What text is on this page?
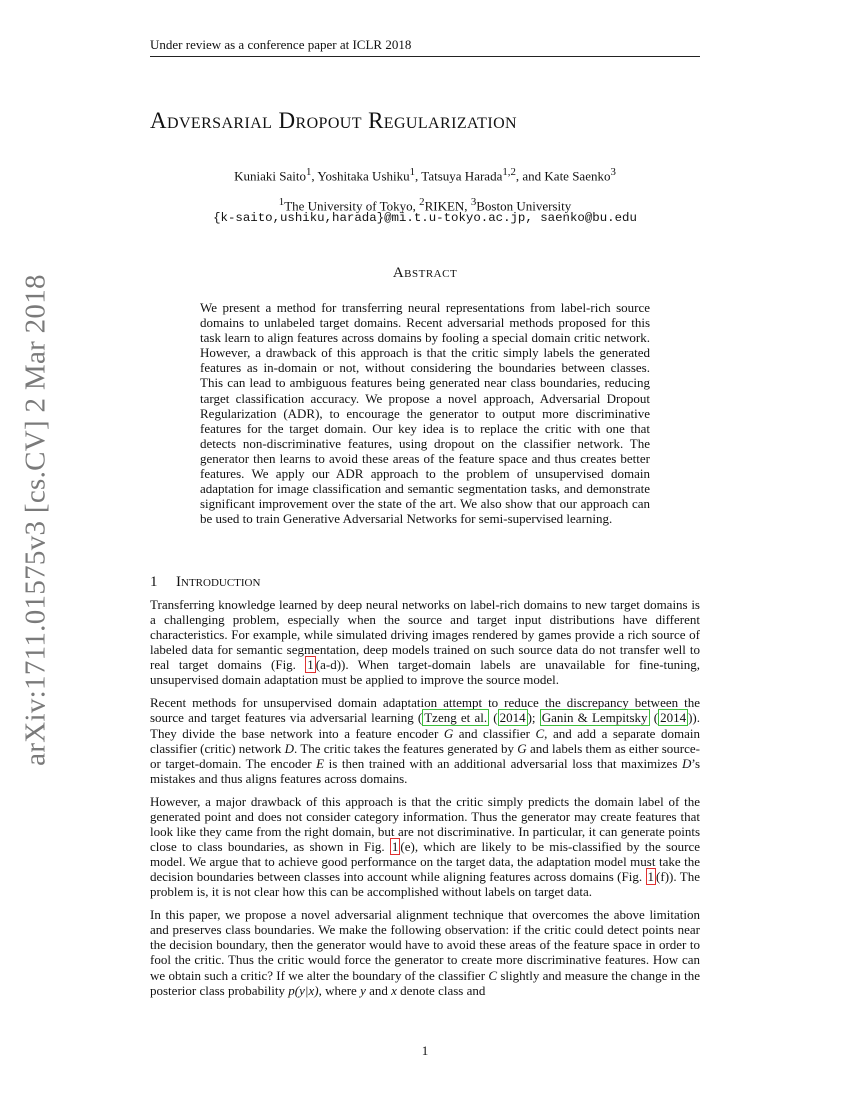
Under review as a conference paper at ICLR 2018
arXiv:1711.01575v3 [cs.CV] 2 Mar 2018
Adversarial Dropout Regularization
Kuniaki Saito$^1$, Yoshitaka Ushiku$^1$, Tatsuya Harada$^{1,2}$, and Kate Saenko$^3$
$^1$The University of Tokyo, $^2$RIKEN, $^3$Boston University
{k-saito,ushiku,harada}@mi.t.u-tokyo.ac.jp, saenko@bu.edu
Abstract
We present a method for transferring neural representations from label-rich source domains to unlabeled target domains. Recent adversarial methods proposed for this task learn to align features across domains by fooling a special domain critic network. However, a drawback of this approach is that the critic simply labels the generated features as in-domain or not, without considering the boundaries between classes. This can lead to ambiguous features being generated near class boundaries, reducing target classification accuracy. We propose a novel approach, Adversarial Dropout Regularization (ADR), to encourage the generator to output more discriminative features for the target domain. Our key idea is to replace the critic with one that detects non-discriminative features, using dropout on the classifier network. The generator then learns to avoid these areas of the feature space and thus creates better features. We apply our ADR approach to the problem of unsupervised domain adaptation for image classification and semantic segmentation tasks, and demonstrate significant improvement over the state of the art. We also show that our approach can be used to train Generative Adversarial Networks for semi-supervised learning.
1 Introduction

Transferring knowledge learned by deep neural networks on label-rich domains to new target domains is a challenging problem, especially when the source and target input distributions have different characteristics. For example, while simulated driving images rendered by games provide a rich source of labeled data for semantic segmentation, deep models trained on such source data do not transfer well to real target domains (Fig. 1 (a-d)). When target-domain labels are unavailable for fine-tuning, unsupervised domain adaptation must be applied to improve the source model.

Recent methods for unsupervised domain adaptation attempt to reduce the discrepancy between the source and target features via adversarial learning ( Tzeng et al. ( 2014 ); Ganin & Lempitsky ( 2014 )). They divide the base network into a feature encoder G and classifier C, and add a separate domain classifier (critic) network D. The critic takes the features generated by G and labels them as either source- or target-domain. The encoder E is then trained with an additional adversarial loss that maximizes D’s mistakes and thus aligns features across domains.

However, a major drawback of this approach is that the critic simply predicts the domain label of the generated point and does not consider category information. Thus the generator may create features that look like they came from the right domain, but are not discriminative. In particular, it can generate points close to class boundaries, as shown in Fig. 1 (e), which are likely to be mis-classified by the source model. We argue that to achieve good performance on the target data, the adaptation model must take the decision boundaries between classes into account while aligning features across domains (Fig. 1 (f)). The problem is, it is not clear how this can be accomplished without labels on target data.

In this paper, we propose a novel adversarial alignment technique that overcomes the above limitation and preserves class boundaries. We make the following observation: if the critic could detect points near the decision boundary, then the generator would have to avoid these areas of the feature space in order to fool the critic. Thus the critic would force the generator to create more discriminative features. How can we obtain such a critic? If we alter the boundary of the classifier C slightly and measure the change in the posterior class probability p(y|x), where y and x denote class and

1
